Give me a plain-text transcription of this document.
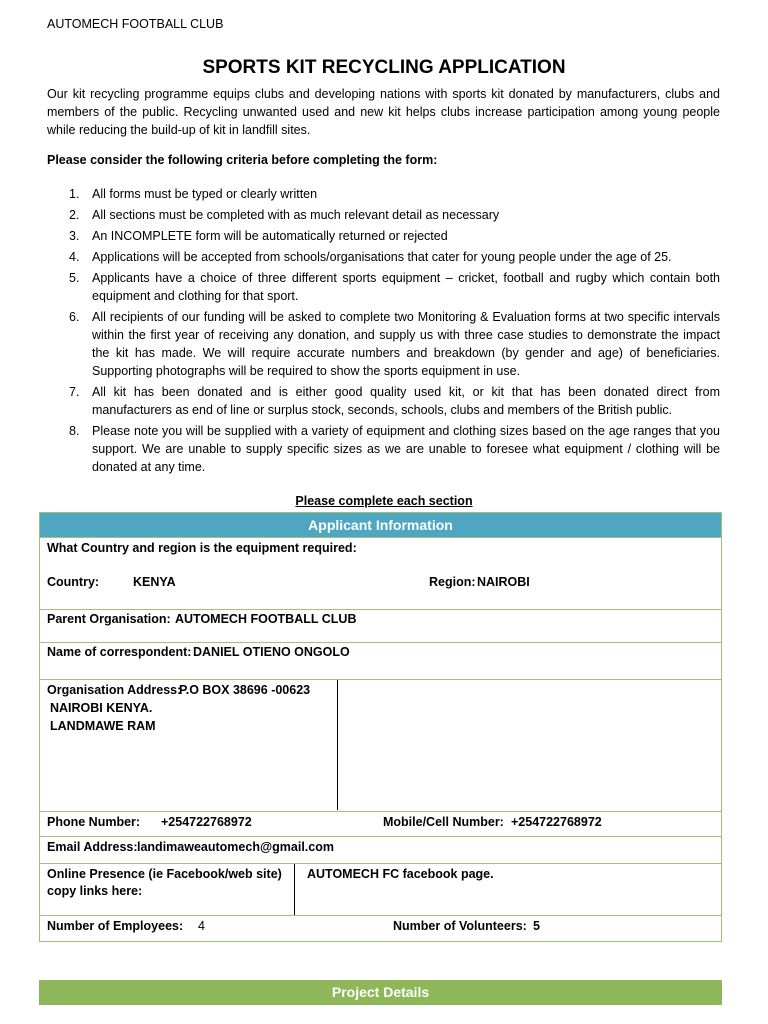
AUTOMECH FOOTBALL CLUB
SPORTS KIT RECYCLING APPLICATION
Our kit recycling programme equips clubs and developing nations with sports kit donated by manufacturers, clubs and members of the public. Recycling unwanted used and new kit helps clubs increase participation among young people while reducing the build-up of kit in landfill sites.
Please consider the following criteria before completing the form:
1. All forms must be typed or clearly written
2. All sections must be completed with as much relevant detail as necessary
3. An INCOMPLETE form will be automatically returned or rejected
4. Applications will be accepted from schools/organisations that cater for young people under the age of 25.
5. Applicants have a choice of three different sports equipment – cricket, football and rugby which contain both equipment and clothing for that sport.
6. All recipients of our funding will be asked to complete two Monitoring & Evaluation forms at two specific intervals within the first year of receiving any donation, and supply us with three case studies to demonstrate the impact the kit has made. We will require accurate numbers and breakdown (by gender and age) of beneficiaries. Supporting photographs will be required to show the sports equipment in use.
7. All kit has been donated and is either good quality used kit, or kit that has been donated direct from manufacturers as end of line or surplus stock, seconds, schools, clubs and members of the British public.
8. Please note you will be supplied with a variety of equipment and clothing sizes based on the age ranges that you support. We are unable to supply specific sizes as we are unable to foresee what equipment / clothing will be donated at any time.
Please complete each section
Applicant Information
What Country and region is the equipment required:
Country:	KENYA	Region: NAIROBI
Parent Organisation: AUTOMECH FOOTBALL CLUB
Name of correspondent: DANIEL OTIENO ONGOLO
Organisation Address:
P.O BOX 38696 -00623
NAIROBI KENYA.
LANDMAWE RAM
Phone Number: +254722768972	Mobile/Cell Number: +254722768972
Email Address: landimaweautomech@gmail.com
Online Presence (ie Facebook/web site)
copy links here:
AUTOMECH FC facebook page.
Number of Employees: 4	Number of Volunteers: 5
Project Details
